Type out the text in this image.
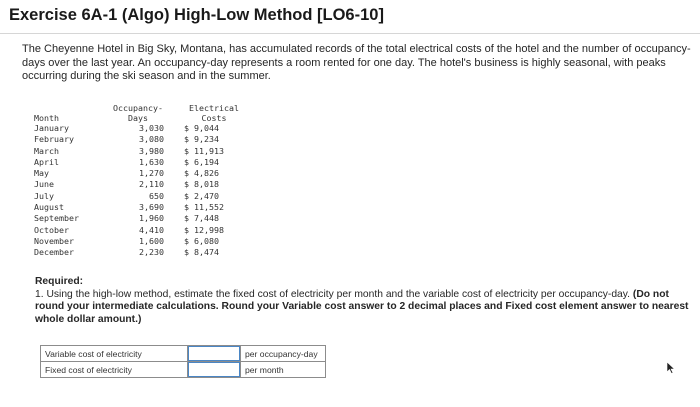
Exercise 6A-1 (Algo) High-Low Method [LO6-10]

The Cheyenne Hotel in Big Sky, Montana, has accumulated records of the total electrical costs of the hotel and the number of occupancy-days over the last year. An occupancy-day represents a room rented for one day. The hotel's business is highly seasonal, with peaks occurring during the ski season and in the summer.

	Occupancy-	Electrical
Month	Days	Costs
January	3,030	$ 9,044
February	3,080	$ 9,234
March	3,980	$ 11,913
April	1,630	$ 6,194
May	1,270	$ 4,826
June	2,110	$ 8,018
July	650	$ 2,470
August	3,690	$ 11,552
September	1,960	$ 7,448
October	4,410	$ 12,998
November	1,600	$ 6,080
December	2,230	$ 8,474
Required:
1. Using the high-low method, estimate the fixed cost of electricity per month and the variable cost of electricity per occupancy-day. (Do not round your intermediate calculations. Round your Variable cost answer to 2 decimal places and Fixed cost element answer to nearest whole dollar amount.)
Variable cost of electricity		per occupancy-day
Fixed cost of electricity		per month
